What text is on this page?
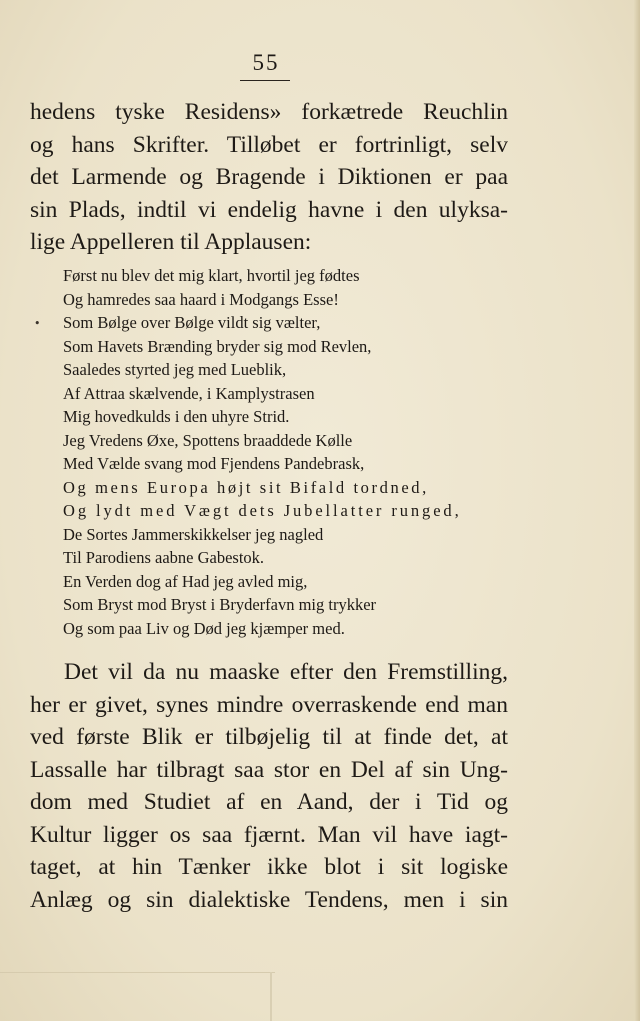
55
hedens tyske Residens» forkætrede Reuchlin
og hans Skrifter. Tilløbet er fortrinligt, selv
det Larmende og Bragende i Diktionen er paa
sin Plads, indtil vi endelig havne i den ulyksa-
lige Appelleren til Applausen:
•
Først nu blev det mig klart, hvortil jeg fødtes
Og hamredes saa haard i Modgangs Esse!
Som Bølge over Bølge vildt sig vælter,
Som Havets Brænding bryder sig mod Revlen,
Saaledes styrted jeg med Lueblik,
Af Attraa skælvende, i Kamplystrasen
Mig hovedkulds i den uhyre Strid.
Jeg Vredens Øxe, Spottens braaddede Kølle
Med Vælde svang mod Fjendens Pandebrask,
Og mens Europa højt sit Bifald tordned,
Og lydt med Vægt dets Jubellatter runged,
De Sortes Jammerskikkelser jeg nagled
Til Parodiens aabne Gabestok.
En Verden dog af Had jeg avled mig,
Som Bryst mod Bryst i Bryderfavn mig trykker
Og som paa Liv og Død jeg kjæmper med.
Det vil da nu maaske efter den Fremstilling,
her er givet, synes mindre overraskende end man
ved første Blik er tilbøjelig til at finde det, at
Lassalle har tilbragt saa stor en Del af sin Ung-
dom med Studiet af en Aand, der i Tid og
Kultur ligger os saa fjærnt. Man vil have iagt-
taget, at hin Tænker ikke blot i sit logiske
Anlæg og sin dialektiske Tendens, men i sin
